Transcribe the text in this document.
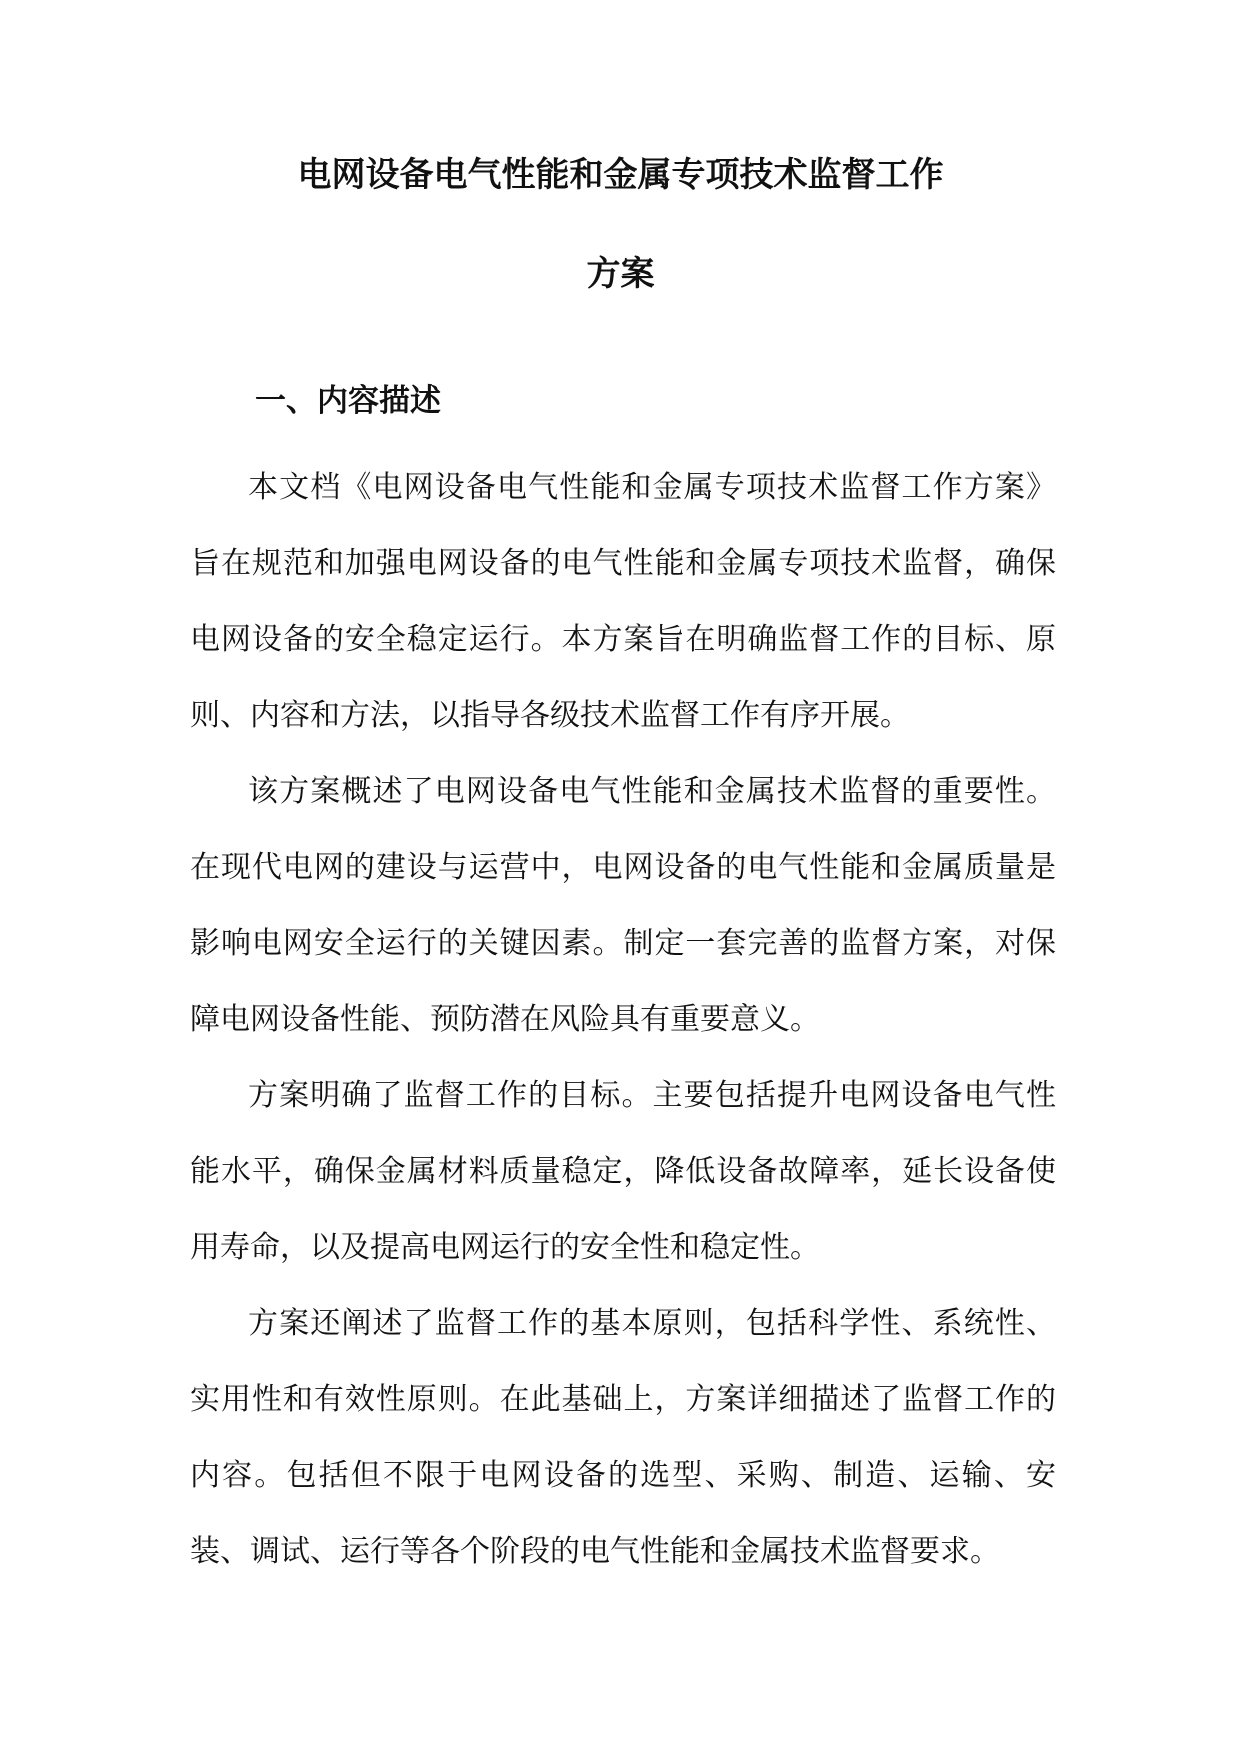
电网设备电气性能和金属专项技术监督工作
方案
一、内容描述

本文档《电网设备电气性能和金属专项技术监督工作方案》旨在规范和加强电网设备的电气性能和金属专项技术监督，确保电网设备的安全稳定运行。本方案旨在明确监督工作的目标、原则、内容和方法，以指导各级技术监督工作有序开展。

该方案概述了电网设备电气性能和金属技术监督的重要性。在现代电网的建设与运营中，电网设备的电气性能和金属质量是影响电网安全运行的关键因素。制定一套完善的监督方案，对保障电网设备性能、预防潜在风险具有重要意义。

方案明确了监督工作的目标。主要包括提升电网设备电气性能水平，确保金属材料质量稳定，降低设备故障率，延长设备使用寿命，以及提高电网运行的安全性和稳定性。

方案还阐述了监督工作的基本原则，包括科学性、系统性、实用性和有效性原则。在此基础上，方案详细描述了监督工作的内容。包括但不限于电网设备的选型、采购、制造、运输、安装、调试、运行等各个阶段的电气性能和金属技术监督要求。
